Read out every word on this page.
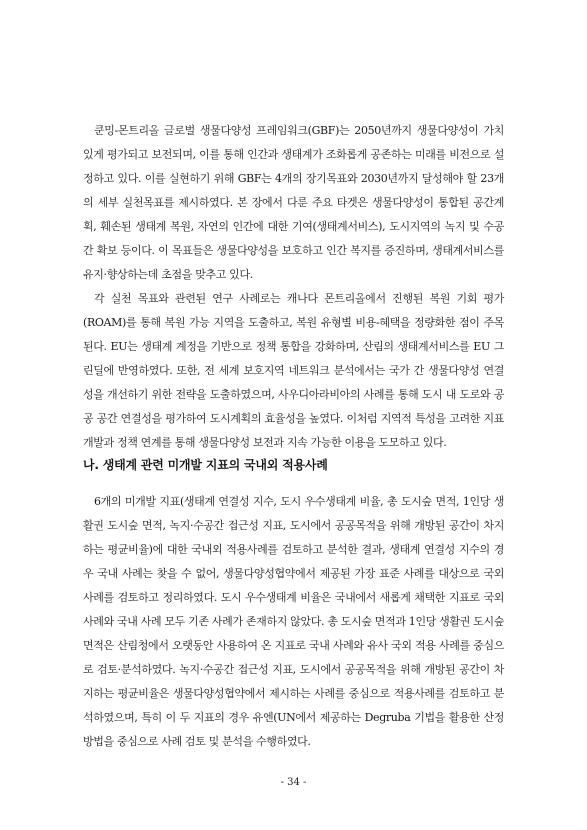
쿤밍-몬트리올 글로벌 생물다양성 프레임워크(GBF)는 2050년까지 생물다양성이 가치 있게 평가되고 보전되며, 이를 통해 인간과 생태계가 조화롭게 공존하는 미래를 비전으로 설정하고 있다. 이를 실현하기 위해 GBF는 4개의 장기목표와 2030년까지 달성해야 할 23개의 세부 실천목표를 제시하였다. 본 장에서 다룬 주요 타겟은 생물다양성이 통합된 공간계획, 훼손된 생태계 복원, 자연의 인간에 대한 기여(생태계서비스), 도시지역의 녹지 및 수공간 확보 등이다. 이 목표들은 생물다양성을 보호하고 인간 복지를 증진하며, 생태계서비스를 유지·향상하는데 초점을 맞추고 있다.

각 실천 목표와 관련된 연구 사례로는 캐나다 몬트리올에서 진행된 복원 기회 평가(ROAM)를 통해 복원 가능 지역을 도출하고, 복원 유형별 비용-혜택을 정량화한 점이 주목된다. EU는 생태계 계정을 기반으로 정책 통합을 강화하며, 산림의 생태계서비스를 EU 그린딜에 반영하였다. 또한, 전 세계 보호지역 네트워크 분석에서는 국가 간 생물다양성 연결성을 개선하기 위한 전략을 도출하였으며, 사우디아라비아의 사례를 통해 도시 내 도로와 공공 공간 연결성을 평가하여 도시계획의 효율성을 높였다. 이처럼 지역적 특성을 고려한 지표 개발과 정책 연계를 통해 생물다양성 보전과 지속 가능한 이용을 도모하고 있다.

나. 생태계 관련 미개발 지표의 국내외 적용사례

6개의 미개발 지표(생태계 연결성 지수, 도시 우수생태계 비율, 총 도시숲 면적, 1인당 생활권 도시숲 면적, 녹지·수공간 접근성 지표, 도시에서 공공목적을 위해 개방된 공간이 차지하는 평균비율)에 대한 국내외 적용사례를 검토하고 분석한 결과, 생태계 연결성 지수의 경우 국내 사례는 찾을 수 없어, 생물다양성협약에서 제공된 가장 표준 사례를 대상으로 국외 사례를 검토하고 정리하였다. 도시 우수생태계 비율은 국내에서 새롭게 채택한 지표로 국외 사례와 국내 사례 모두 기존 사례가 존재하지 않았다. 총 도시숲 면적과 1인당 생활권 도시숲 면적은 산림청에서 오랫동안 사용하여 온 지표로 국내 사례와 유사 국외 적용 사례를 중심으로 검토·분석하였다. 녹지·수공간 접근성 지표, 도시에서 공공목적을 위해 개방된 공간이 차지하는 평균비율은 생물다양성협약에서 제시하는 사례를 중심으로 적용사례를 검토하고 분석하였으며, 특히 이 두 지표의 경우 유엔(UN에서 제공하는 Degruba 기법을 활용한 산정 방법을 중심으로 사례 검토 및 분석을 수행하였다.

- 34 -
